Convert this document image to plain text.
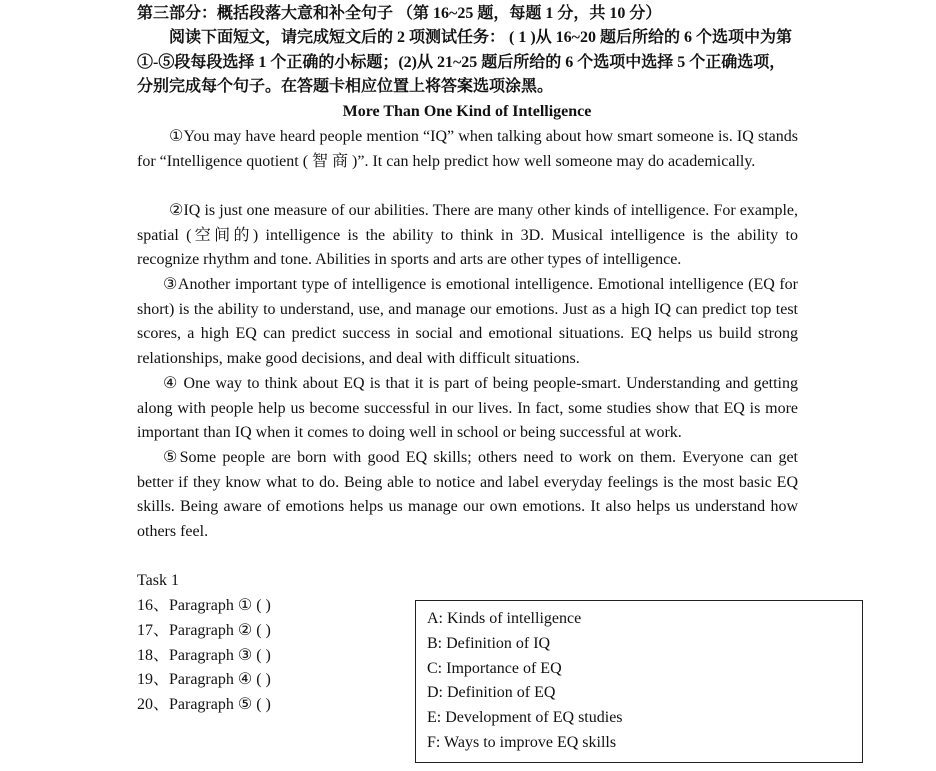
第三部分：概括段落大意和补全句子 （第 16~25 题，每题 1 分，共 10 分）
阅读下面短文，请完成短文后的 2 项测试任务： ( 1 )从 16~20 题后所给的 6 个选项中为第①-⑤段每段选择 1 个正确的小标题；(2)从 21~25 题后所给的 6 个选项中选择 5 个正确选项，分别完成每个句子。在答题卡相应位置上将答案选项涂黑。
More Than One Kind of Intelligence
①You may have heard people mention “IQ” when talking about how smart someone is. IQ stands for “Intelligence quotient ( 智 商 )”. It can help predict how well someone may do academically.
②IQ is just one measure of our abilities. There are many other kinds of intelligence. For example, spatial (空间的) intelligence is the ability to think in 3D. Musical intelligence is the ability to recognize rhythm and tone. Abilities in sports and arts are other types of intelligence.
③Another important type of intelligence is emotional intelligence. Emotional intelligence (EQ for short) is the ability to understand, use, and manage our emotions. Just as a high IQ can predict top test scores, a high EQ can predict success in social and emotional situations. EQ helps us build strong relationships, make good decisions, and deal with difficult situations.
④ One way to think about EQ is that it is part of being people-smart. Understanding and getting along with people help us become successful in our lives. In fact, some studies show that EQ is more important than IQ when it comes to doing well in school or being successful at work.
⑤Some people are born with good EQ skills; others need to work on them. Everyone can get better if they know what to do. Being able to notice and label everyday feelings is the most basic EQ skills. Being aware of emotions helps us manage our own emotions. It also helps us understand how others feel.
Task 1
16、Paragraph ① ( )
17、Paragraph ② ( )
18、Paragraph ③ ( )
19、Paragraph ④ ( )
20、Paragraph ⑤ ( )
A: Kinds of intelligence
B: Definition of IQ
C: Importance of EQ
D: Definition of EQ
E: Development of EQ studies
F: Ways to improve EQ skills
